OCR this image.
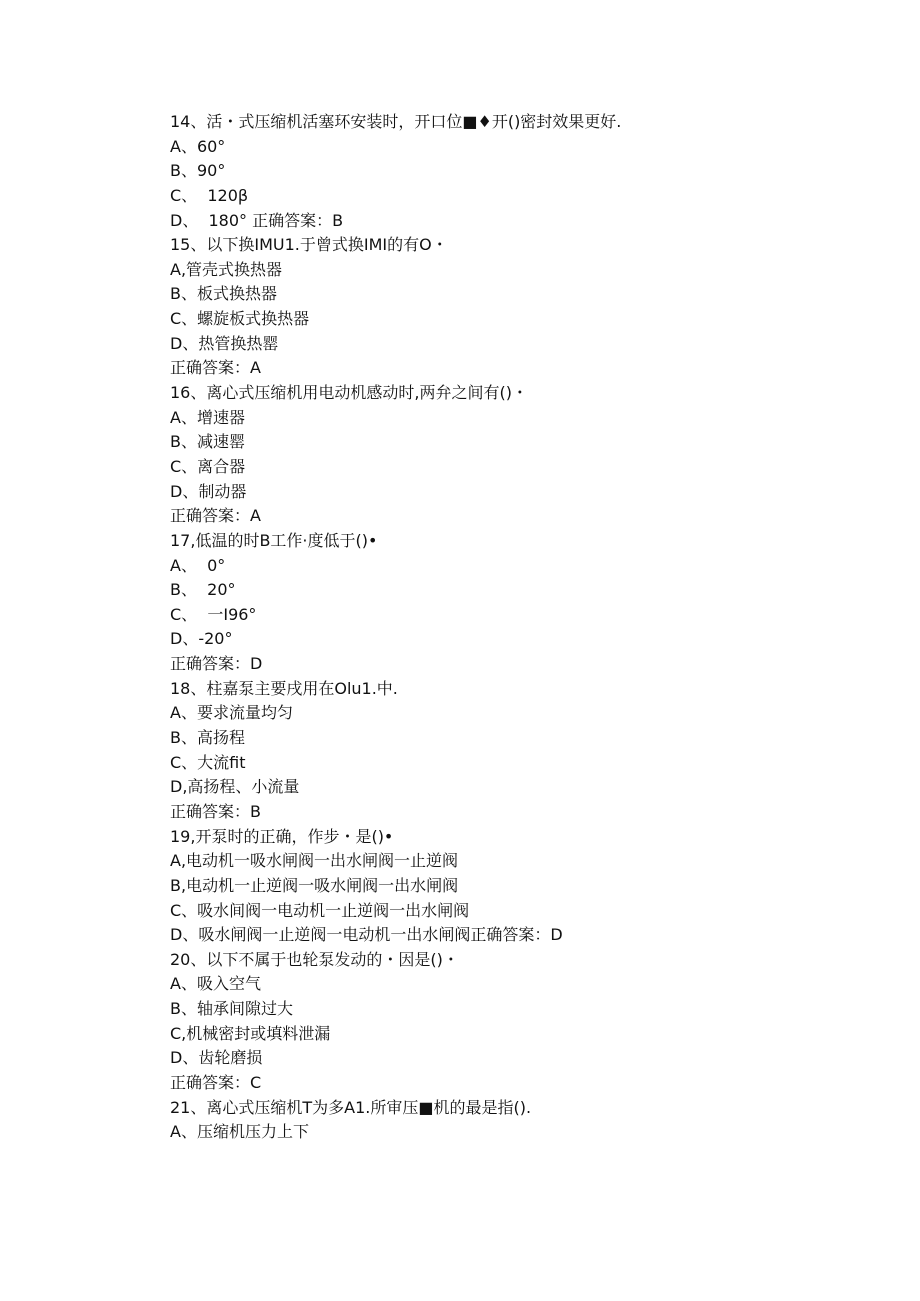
14、活・式压缩机活塞环安装时，开口位■♦开()密封效果更好.
A、60°
B、90°
C、  120β
D、  180° 正确答案：B
15、以下换IMU1.于曾式换IMI的有O・
A,管壳式换热器
B、板式换热器
C、螺旋板式换热器
D、热管换热罂
正确答案：A
16、离心式压缩机用电动机感动时,两弁之间有()・
A、增速器
B、减速罂
C、离合器
D、制动器
正确答案：A
17,低温的时B工作·度低于()•
A、  0°
B、  20°
C、  一I96°
D、-20°
正确答案：D
18、柱嘉泵主要戌用在Olu1.中.
A、要求流量均匀
B、高扬程
C、大流fit
D,高扬程、小流量
正确答案：B
19,开泵时的正确，作步・是()•
A,电动机一吸水闸阀一出水闸阀一止逆阀
B,电动机一止逆阀一吸水闸阀一出水闸阀
C、吸水间阀一电动机一止逆阀一出水闸阀
D、吸水闸阀一止逆阀一电动机一出水闸阀正确答案：D
20、以下不属于也轮泵发动的・因是()・
A、吸入空气
B、轴承间隙过大
C,机械密封或填料泄漏
D、齿轮磨损
正确答案：C
21、离心式压缩机T为多A1.所审压■机的最是指().
A、压缩机压力上下
